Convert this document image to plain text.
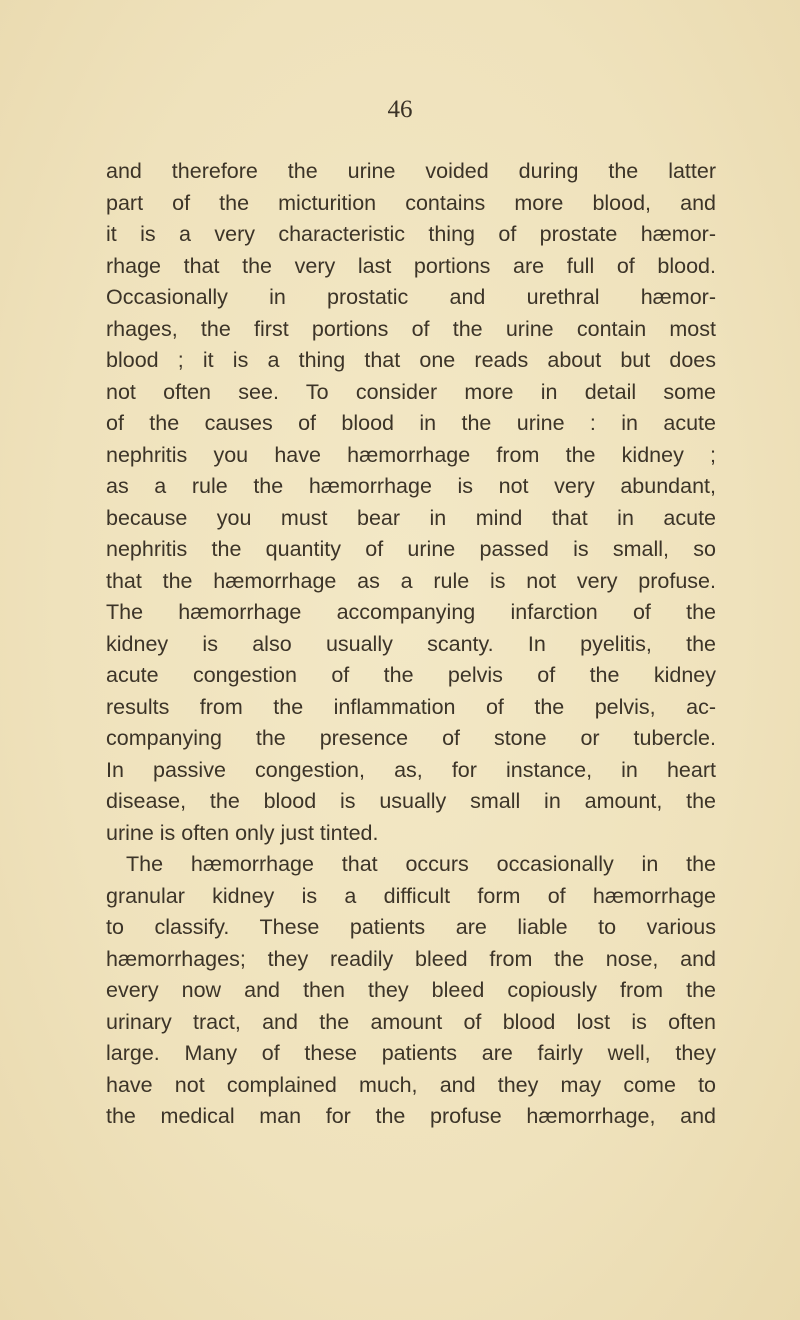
46
and therefore the urine voided during the latter
part of the micturition contains more blood, and
it is a very characteristic thing of prostate hæmor-
rhage that the very last portions are full of blood.
Occasionally in prostatic and urethral hæmor-
rhages, the first portions of the urine contain most
blood ; it is a thing that one reads about but does
not often see. To consider more in detail some
of the causes of blood in the urine : in acute
nephritis you have hæmorrhage from the kidney ;
as a rule the hæmorrhage is not very abundant,
because you must bear in mind that in acute
nephritis the quantity of urine passed is small, so
that the hæmorrhage as a rule is not very profuse.
The hæmorrhage accompanying infarction of the
kidney is also usually scanty. In pyelitis, the
acute congestion of the pelvis of the kidney
results from the inflammation of the pelvis, ac-
companying the presence of stone or tubercle.
In passive congestion, as, for instance, in heart
disease, the blood is usually small in amount, the
urine is often only just tinted.
The hæmorrhage that occurs occasionally in the
granular kidney is a difficult form of hæmorrhage
to classify. These patients are liable to various
hæmorrhages; they readily bleed from the nose, and
every now and then they bleed copiously from the
urinary tract, and the amount of blood lost is often
large. Many of these patients are fairly well, they
have not complained much, and they may come to
the medical man for the profuse hæmorrhage, and
